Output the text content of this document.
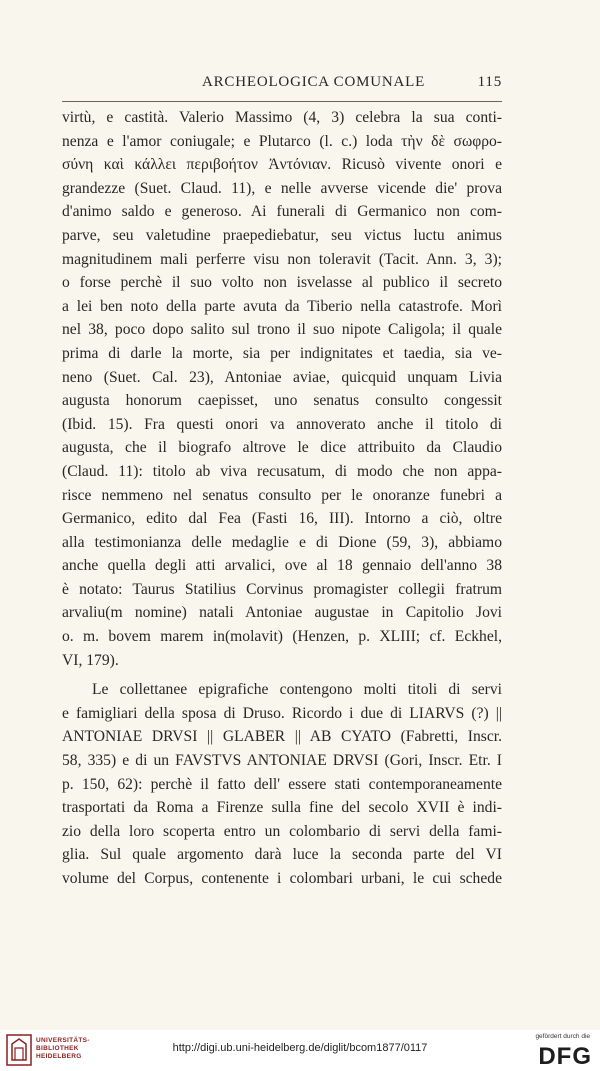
ARCHEOLOGICA COMUNALE	115
virtù, e castità. Valerio Massimo (4, 3) celebra la sua conti-
nenza e l'amor coniugale; e Plutarco (l. c.) loda τὴν δὲ σωφρο-
σύνη καὶ κάλλει περιβοήτον Ἀντόνιαν. Ricusò vivente onori e
grandezze (Suet. Claud. 11), e nelle avverse vicende die' prova
d'animo saldo e generoso. Ai funerali di Germanico non com-
parve, seu valetudine praepediebatur, seu victus luctu animus
magnitudinem mali perferre visu non toleravit (Tacit. Ann. 3, 3);
o forse perchè il suo volto non isvelasse al publico il secreto
a lei ben noto della parte avuta da Tiberio nella catastrofe. Morì
nel 38, poco dopo salito sul trono il suo nipote Caligola; il quale
prima di darle la morte, sia per indignitates et taedia, sia ve-
neno (Suet. Cal. 23), Antoniae aviae, quicquid unquam Livia
augusta honorum caepisset, uno senatus consulto congessit
(Ibid. 15). Fra questi onori va annoverato anche il titolo di
augusta, che il biografo altrove le dice attribuito da Claudio
(Claud. 11): titolo ab viva recusatum, di modo che non appa-
risce nemmeno nel senatus consulto per le onoranze funebri a
Germanico, edito dal Fea (Fasti 16, III). Intorno a ciò, oltre
alla testimonianza delle medaglie e di Dione (59, 3), abbiamo
anche quella degli atti arvalici, ove al 18 gennaio dell'anno 38
è notato: Taurus Statilius Corvinus promagister collegii fratrum
arvaliu(m nomine) natali Antoniae augustae in Capitolio Jovi
o. m. bovem marem in(molavit) (Henzen, p. XLIII; cf. Eckhel,
VI, 179).
Le collettanee epigrafiche contengono molti titoli di servi
e famigliari della sposa di Druso. Ricordo i due di LIARVS (?) ||
ANTONIAE DRVSI || GLABER || AB CYATO (Fabretti, Inscr.
58, 335) e di un FAVSTVS ANTONIAE DRVSI (Gori, Inscr. Etr. I
p. 150, 62): perchè il fatto dell' essere stati contemporaneamente
trasportati da Roma a Firenze sulla fine del secolo XVII è indi-
zio della loro scoperta entro un colombario di servi della fami-
glia. Sul quale argomento darà luce la seconda parte del VI
volume del Corpus, contenente i colombari urbani, le cui schede
UNIVERSITÄTS-
BIBLIOTHEK
HEIDELBERG
http://digi.ub.uni-heidelberg.de/diglit/bcom1877/0117
gefördert durch die
DFG
